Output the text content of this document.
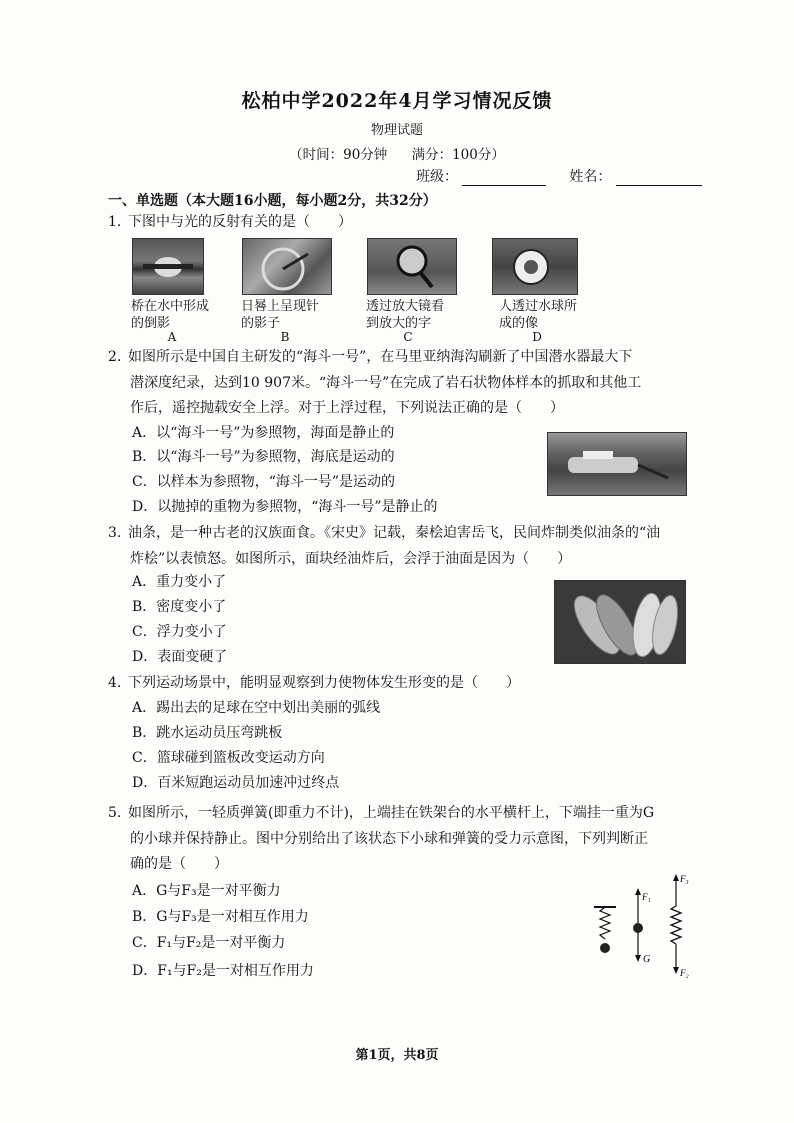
松柏中学2022年4月学习情况反馈
物理试题
（时间：90分钟 满分：100分）
班级：	姓名：
一、单选题（本大题16小题，每小题2分，共32分）
1. 下图中与光的反射有关的是（　　）
桥在水中形成的倒影
日晷上呈现针的影子
透过放大镜看到放大的字
人透过水球所成的像
A	B	C	D
2. 如图所示是中国自主研发的“海斗一号”，在马里亚纳海沟刷新了中国潜水器最大下
潜深度纪录，达到10 907米。“海斗一号”在完成了岩石状物体样本的抓取和其他工
作后，遥控抛载安全上浮。对于上浮过程，下列说法正确的是（　　）
A．以“海斗一号”为参照物，海面是静止的
B．以“海斗一号”为参照物，海底是运动的
C．以样本为参照物，“海斗一号”是运动的
D．以抛掉的重物为参照物，“海斗一号”是静止的
3. 油条，是一种古老的汉族面食。《宋史》记载，秦桧迫害岳飞，民间炸制类似油条的“油
炸桧”以表愤怒。如图所示，面块经油炸后，会浮于油面是因为（　　）
A．重力变小了
B．密度变小了
C．浮力变小了
D．表面变硬了
4. 下列运动场景中，能明显观察到力使物体发生形变的是（　　）
A．踢出去的足球在空中划出美丽的弧线
B．跳水运动员压弯跳板
C．篮球碰到篮板改变运动方向
D．百米短跑运动员加速冲过终点
5. 如图所示，一轻质弹簧(即重力不计)，上端挂在铁架台的水平横杆上，下端挂一重为G
的小球并保持静止。图中分别给出了该状态下小球和弹簧的受力示意图，下列判断正
确的是（　　）
A．G与F₃是一对平衡力
B．G与F₃是一对相互作用力
C．F₁与F₂是一对平衡力
D．F₁与F₂是一对相互作用力
F₁
G
F₃
F₂
第1页，共8页
